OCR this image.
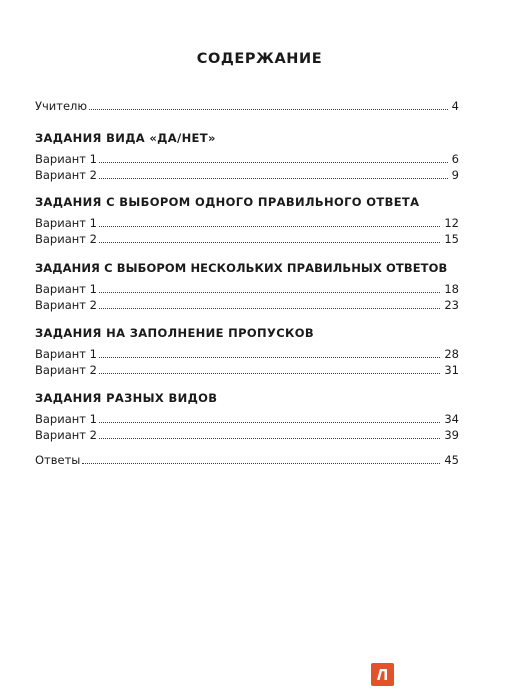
СОДЕРЖАНИЕ
Учителю	4
ЗАДАНИЯ ВИДА «ДА/НЕТ»
Вариант 1	6
Вариант 2	9
ЗАДАНИЯ С ВЫБОРОМ ОДНОГО ПРАВИЛЬНОГО ОТВЕТА
Вариант 1	12
Вариант 2	15
ЗАДАНИЯ С ВЫБОРОМ НЕСКОЛЬКИХ ПРАВИЛЬНЫХ ОТВЕТОВ
Вариант 1	18
Вариант 2	23
ЗАДАНИЯ НА ЗАПОЛНЕНИЕ ПРОПУСКОВ
Вариант 1	28
Вариант 2	31
ЗАДАНИЯ РАЗНЫХ ВИДОВ
Вариант 1	34
Вариант 2	39
Ответы	45
